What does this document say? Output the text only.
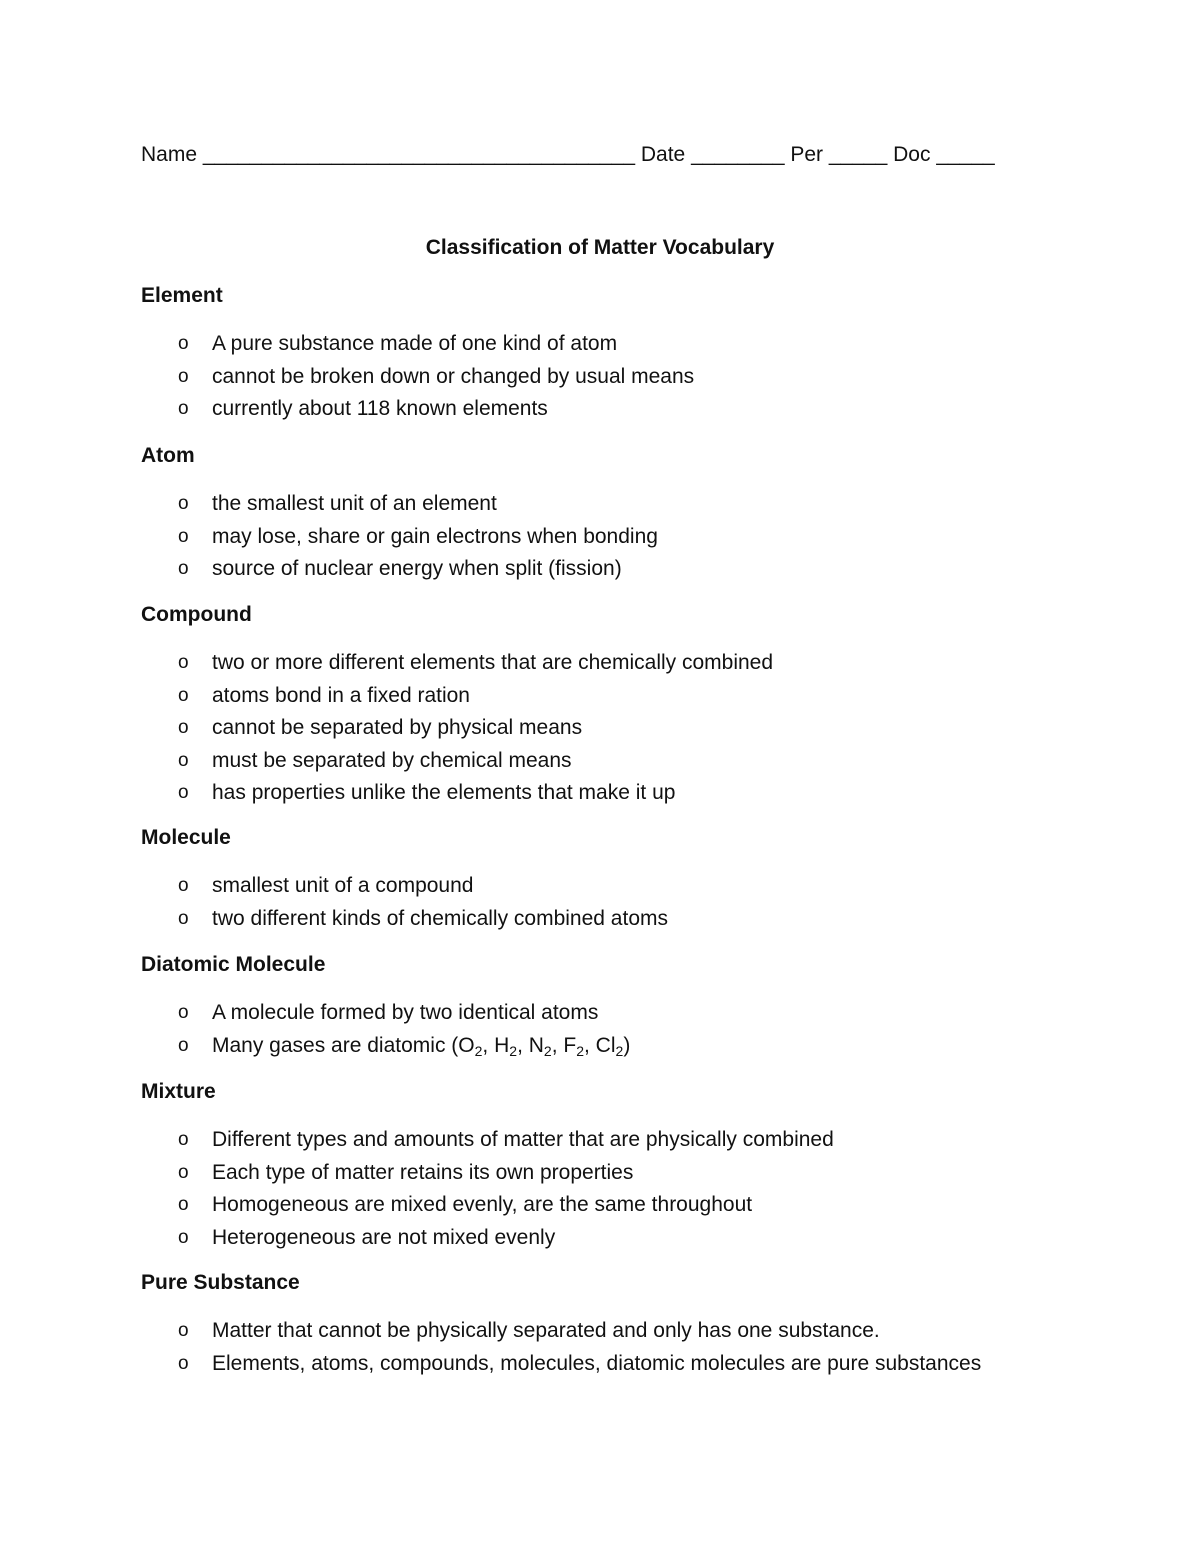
Name _____________________________________ Date ________ Per _____ Doc _____
Classification of Matter Vocabulary
Element
o A pure substance made of one kind of atom
o cannot be broken down or changed by usual means
o currently about 118 known elements
Atom
o the smallest unit of an element
o may lose, share or gain electrons when bonding
o source of nuclear energy when split (fission)
Compound
o two or more different elements that are chemically combined
o atoms bond in a fixed ration
o cannot be separated by physical means
o must be separated by chemical means
o has properties unlike the elements that make it up
Molecule
o smallest unit of a compound
o two different kinds of chemically combined atoms
Diatomic Molecule
o A molecule formed by two identical atoms
o Many gases are diatomic ($O_2$, $H_2$, $N_2$, $F_2$, $Cl_2$)
Mixture
o Different types and amounts of matter that are physically combined
o Each type of matter retains its own properties
o Homogeneous are mixed evenly, are the same throughout
o Heterogeneous are not mixed evenly
Pure Substance
o Matter that cannot be physically separated and only has one substance.
o Elements, atoms, compounds, molecules, diatomic molecules are pure substances
